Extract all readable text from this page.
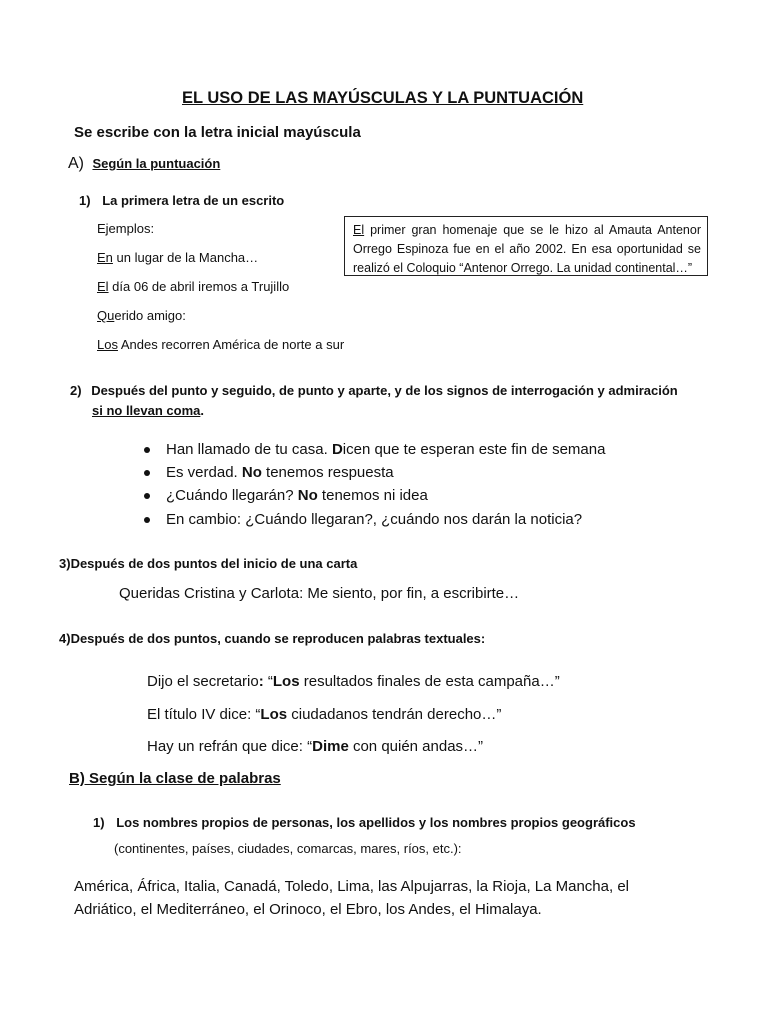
EL USO DE LAS MAYÚSCULAS Y LA PUNTUACIÓN
Se escribe con la letra inicial mayúscula
A) Según la puntuación
1) La primera letra de un escrito
Ejemplos:
En un lugar de la Mancha…
El día 06 de abril iremos a Trujillo
Querido amigo:
Los Andes recorren América de norte a sur
El primer gran homenaje que se le hizo al Amauta Antenor Orrego Espinoza fue en el año 2002. En esa oportunidad se realizó el Coloquio “Antenor Orrego. La unidad continental…”
2) Después del punto y seguido, de punto y aparte, y de los signos de interrogación y admiración
si no llevan coma.
Han llamado de tu casa. Dicen que te esperan este fin de semana
Es verdad. No tenemos respuesta
¿Cuándo llegarán? No tenemos ni idea
En cambio: ¿Cuándo llegaran?, ¿cuándo nos darán la noticia?
3)Después de dos puntos del inicio de una carta
Queridas Cristina y Carlota: Me siento, por fin, a escribirte…
4)Después de dos puntos, cuando se reproducen palabras textuales:
Dijo el secretario: “Los resultados finales de esta campaña…”
El título IV dice: “Los ciudadanos tendrán derecho…”
Hay un refrán que dice: “Dime con quién andas…”
B) Según la clase de palabras
1) Los nombres propios de personas, los apellidos y los nombres propios geográficos
(continentes, países, ciudades, comarcas, mares, ríos, etc.):
América, África, Italia, Canadá, Toledo, Lima, las Alpujarras, la Rioja, La Mancha, el
Adriático, el Mediterráneo, el Orinoco, el Ebro, los Andes, el Himalaya.
